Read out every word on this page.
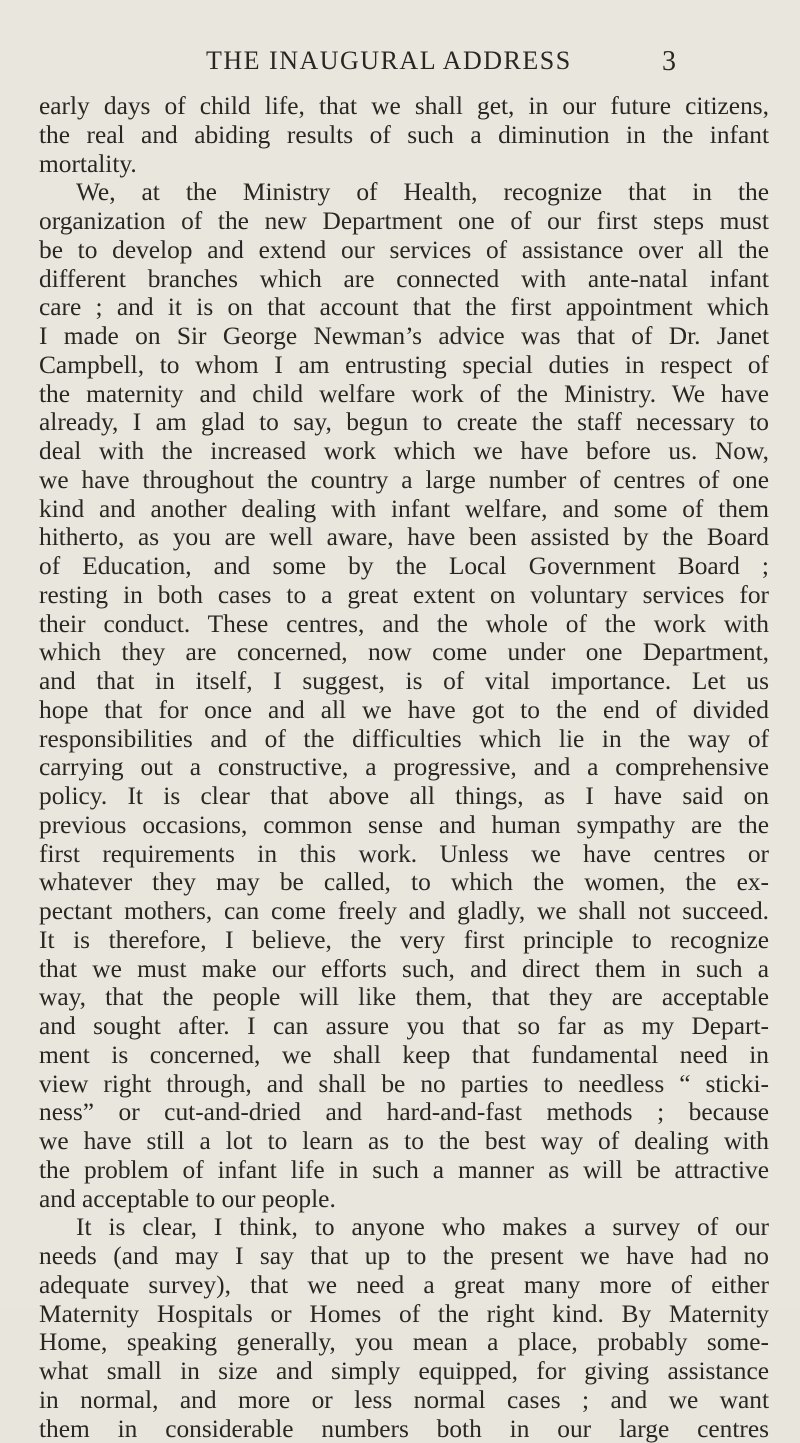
THE INAUGURAL ADDRESS	3
early days of child life, that we shall get, in our future citizens,
the real and abiding results of such a diminution in the infant
mortality.
We, at the Ministry of Health, recognize that in the
organization of the new Department one of our first steps must
be to develop and extend our services of assistance over all the
different branches which are connected with ante-natal infant
care ; and it is on that account that the first appointment which
I made on Sir George Newman’s advice was that of Dr. Janet
Campbell, to whom I am entrusting special duties in respect of
the maternity and child welfare work of the Ministry. We have
already, I am glad to say, begun to create the staff necessary to
deal with the increased work which we have before us. Now,
we have throughout the country a large number of centres of one
kind and another dealing with infant welfare, and some of them
hitherto, as you are well aware, have been assisted by the Board
of Education, and some by the Local Government Board ;
resting in both cases to a great extent on voluntary services for
their conduct. These centres, and the whole of the work with
which they are concerned, now come under one Department,
and that in itself, I suggest, is of vital importance. Let us
hope that for once and all we have got to the end of divided
responsibilities and of the difficulties which lie in the way of
carrying out a constructive, a progressive, and a comprehensive
policy. It is clear that above all things, as I have said on
previous occasions, common sense and human sympathy are the
first requirements in this work. Unless we have centres or
whatever they may be called, to which the women, the ex-
pectant mothers, can come freely and gladly, we shall not succeed.
It is therefore, I believe, the very first principle to recognize
that we must make our efforts such, and direct them in such a
way, that the people will like them, that they are acceptable
and sought after. I can assure you that so far as my Depart-
ment is concerned, we shall keep that fundamental need in
view right through, and shall be no parties to needless “ sticki-
ness” or cut-and-dried and hard-and-fast methods ; because
we have still a lot to learn as to the best way of dealing with
the problem of infant life in such a manner as will be attractive
and acceptable to our people.
It is clear, I think, to anyone who makes a survey of our
needs (and may I say that up to the present we have had no
adequate survey), that we need a great many more of either
Maternity Hospitals or Homes of the right kind. By Maternity
Home, speaking generally, you mean a place, probably some-
what small in size and simply equipped, for giving assistance
in normal, and more or less normal cases ; and we want
them in considerable numbers both in our large centres
